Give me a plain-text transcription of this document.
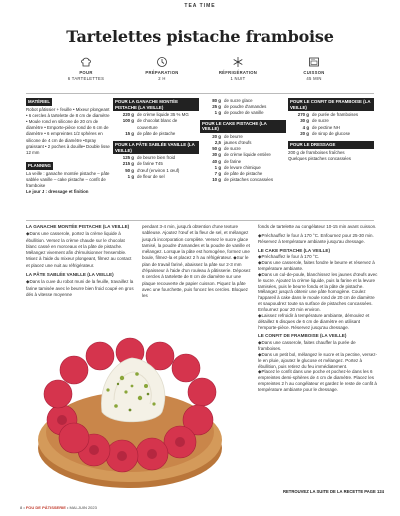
TEA TIME
Tartelettes pistache framboise
POUR
6 TARTELETTES
PRÉPARATION
2 H
RÉFRIGÉRATION
1 NUIT
CUISSON
45 MIN
MATÉRIEL
Robot pâtissier + feuille • Mixeur plongeant • 6 cercles à tartelette de 8 cm de diamètre • Moule rond en silicone de 20 cm de diamètre • Emporte-pièce rond de 6 cm de diamètre • 6 empreintes 1/2 sphères en silicone de 4 cm de diamètre •Spray graissant • 2 poches à douille• Double lisse 12 mm
PLANNING
La veille : ganache montée pistache – pâte sablée vanille – cake pistache – confit de framboise
Le jour J : dressage et finition
POUR LA GANACHE MONTÉE PISTACHE (LA VEILLE)
220 g de crème liquide 35 % MG
100 g de chocolat blanc de couverture
15 g de pâte de pistache
POUR LA PÂTE SABLÉE VANILLE (LA VEILLE)
125 g de beurre bien froid
215 g de farine T45
50 g d'œuf (environ 1 œuf)
1 g de fleur de sel
80 g de sucre glace
25 g de poudre d'amandes
1 g de poudre de vanille
POUR LE CAKE PISTACHE (LA VEILLE)
20 g de beurre
2,5 jaunes d'œufs
50 g de sucre
30 g de crème liquide entière
40 g de farine
1 g de levure chimique
7 g de pâte de pistache
10 g de pistaches concassées
POUR LE CONFIT DE FRAMBOISE (LA VEILLE)
270 g de purée de framboises
30 g de sucre
4 g de pectine NH
20 g de sirop de glucose
POUR LE DRESSAGE
200 g de framboises fraîches
Quelques pistaches concassées
LA GANACHE MONTÉE PISTACHE (LA VEILLE)

◆Dans une casserole, portez la crème liquide à ébullition. Versez la crème chaude sur le chocolat blanc cassé en morceaux et la pâte de pistache. Mélangez vivement afin d'émulsionner l'ensemble. Mixez à l'aide du mixeur plongeant, filmez au contact et placez une nuit au réfrigérateur.

LA PÂTE SABLÉE VANILLE (LA VEILLE)

◆Dans la cuve du robot muni de la feuille, travaillez la farine tamisée avec le beurre bien froid coupé en gros dés à vitesse moyenne

pendant 3-4 min, jusqu'à obtention d'une texture sableuse. Ajoutez l'œuf et la fleur de sel, et mélangez jusqu'à incorporation complète. Versez le sucre glace tamisé, la poudre d'amandes et la poudre de vanille et mélangez. Lorsque la pâte est homogène, formez une boule, filmez-la et placez 2 h au réfrigérateur. ◆Sur le plan de travail fariné, abaissez la pâte sur 2-3 mm d'épaisseur à l'aide d'un rouleau à pâtisserie. Déposez 6 cercles à tartelette de 8 cm de diamètre sur une plaque recouverte de papier cuisson. Piquez la pâte avec une fourchette, puis foncez les cercles. Bloquez les

fonds de tartelette au congélateur 10-15 min avant cuisson.

◆Préchauffez le four à 170 °C. Enfournez pour 25-30 min. Réservez à température ambiante jusqu'au dressage.

LE CAKE PISTACHE (LA VEILLE)

◆Préchauffez le four à 170 °C.
◆Dans une casserole, faites fondre le beurre et réservez à température ambiante.
◆Dans un cul-de-poule, blanchissez les jaunes d'œufs avec le sucre. Ajoutez la crème liquide, puis la farine et la levure tamisées, puis le beurre fondu et la pâte de pistache. Mélangez jusqu'à obtenir une pâte homogène. Coulez l'appareil à cake dans le moule rond de 20 cm de diamètre et saupoudrez toute sa surface de pistaches concassées. Enfournez pour 20 min environ.
◆Laissez refroidir à température ambiante, démoulez et détaillez 6 disques de 6 cm de diamètre en utilisant l'emporte-pièce. Réservez jusqu'au dressage.

LE CONFIT DE FRAMBOISE (LA VEILLE)

◆Dans une casserole, faites chauffer la purée de framboises.
◆Dans un petit bol, mélangez le sucre et la pectine, versez-le en pluie, ajoutez le glucose et mélangez. Portez à ébullition, puis retirez du feu immédiatement.
◆Placez le confit dans une poche et pochez-le dans les 6 empreintes demi-sphères de 4 cm de diamètre. Placez les empreintes 2 h au congélateur et gardez le reste de confit à température ambiante pour le dressage.

RETROUVEZ LA SUITE DE LA RECETTE PAGE 124
8 • FOU DE PÂTISSERIE • MAI-JUIN 2023
